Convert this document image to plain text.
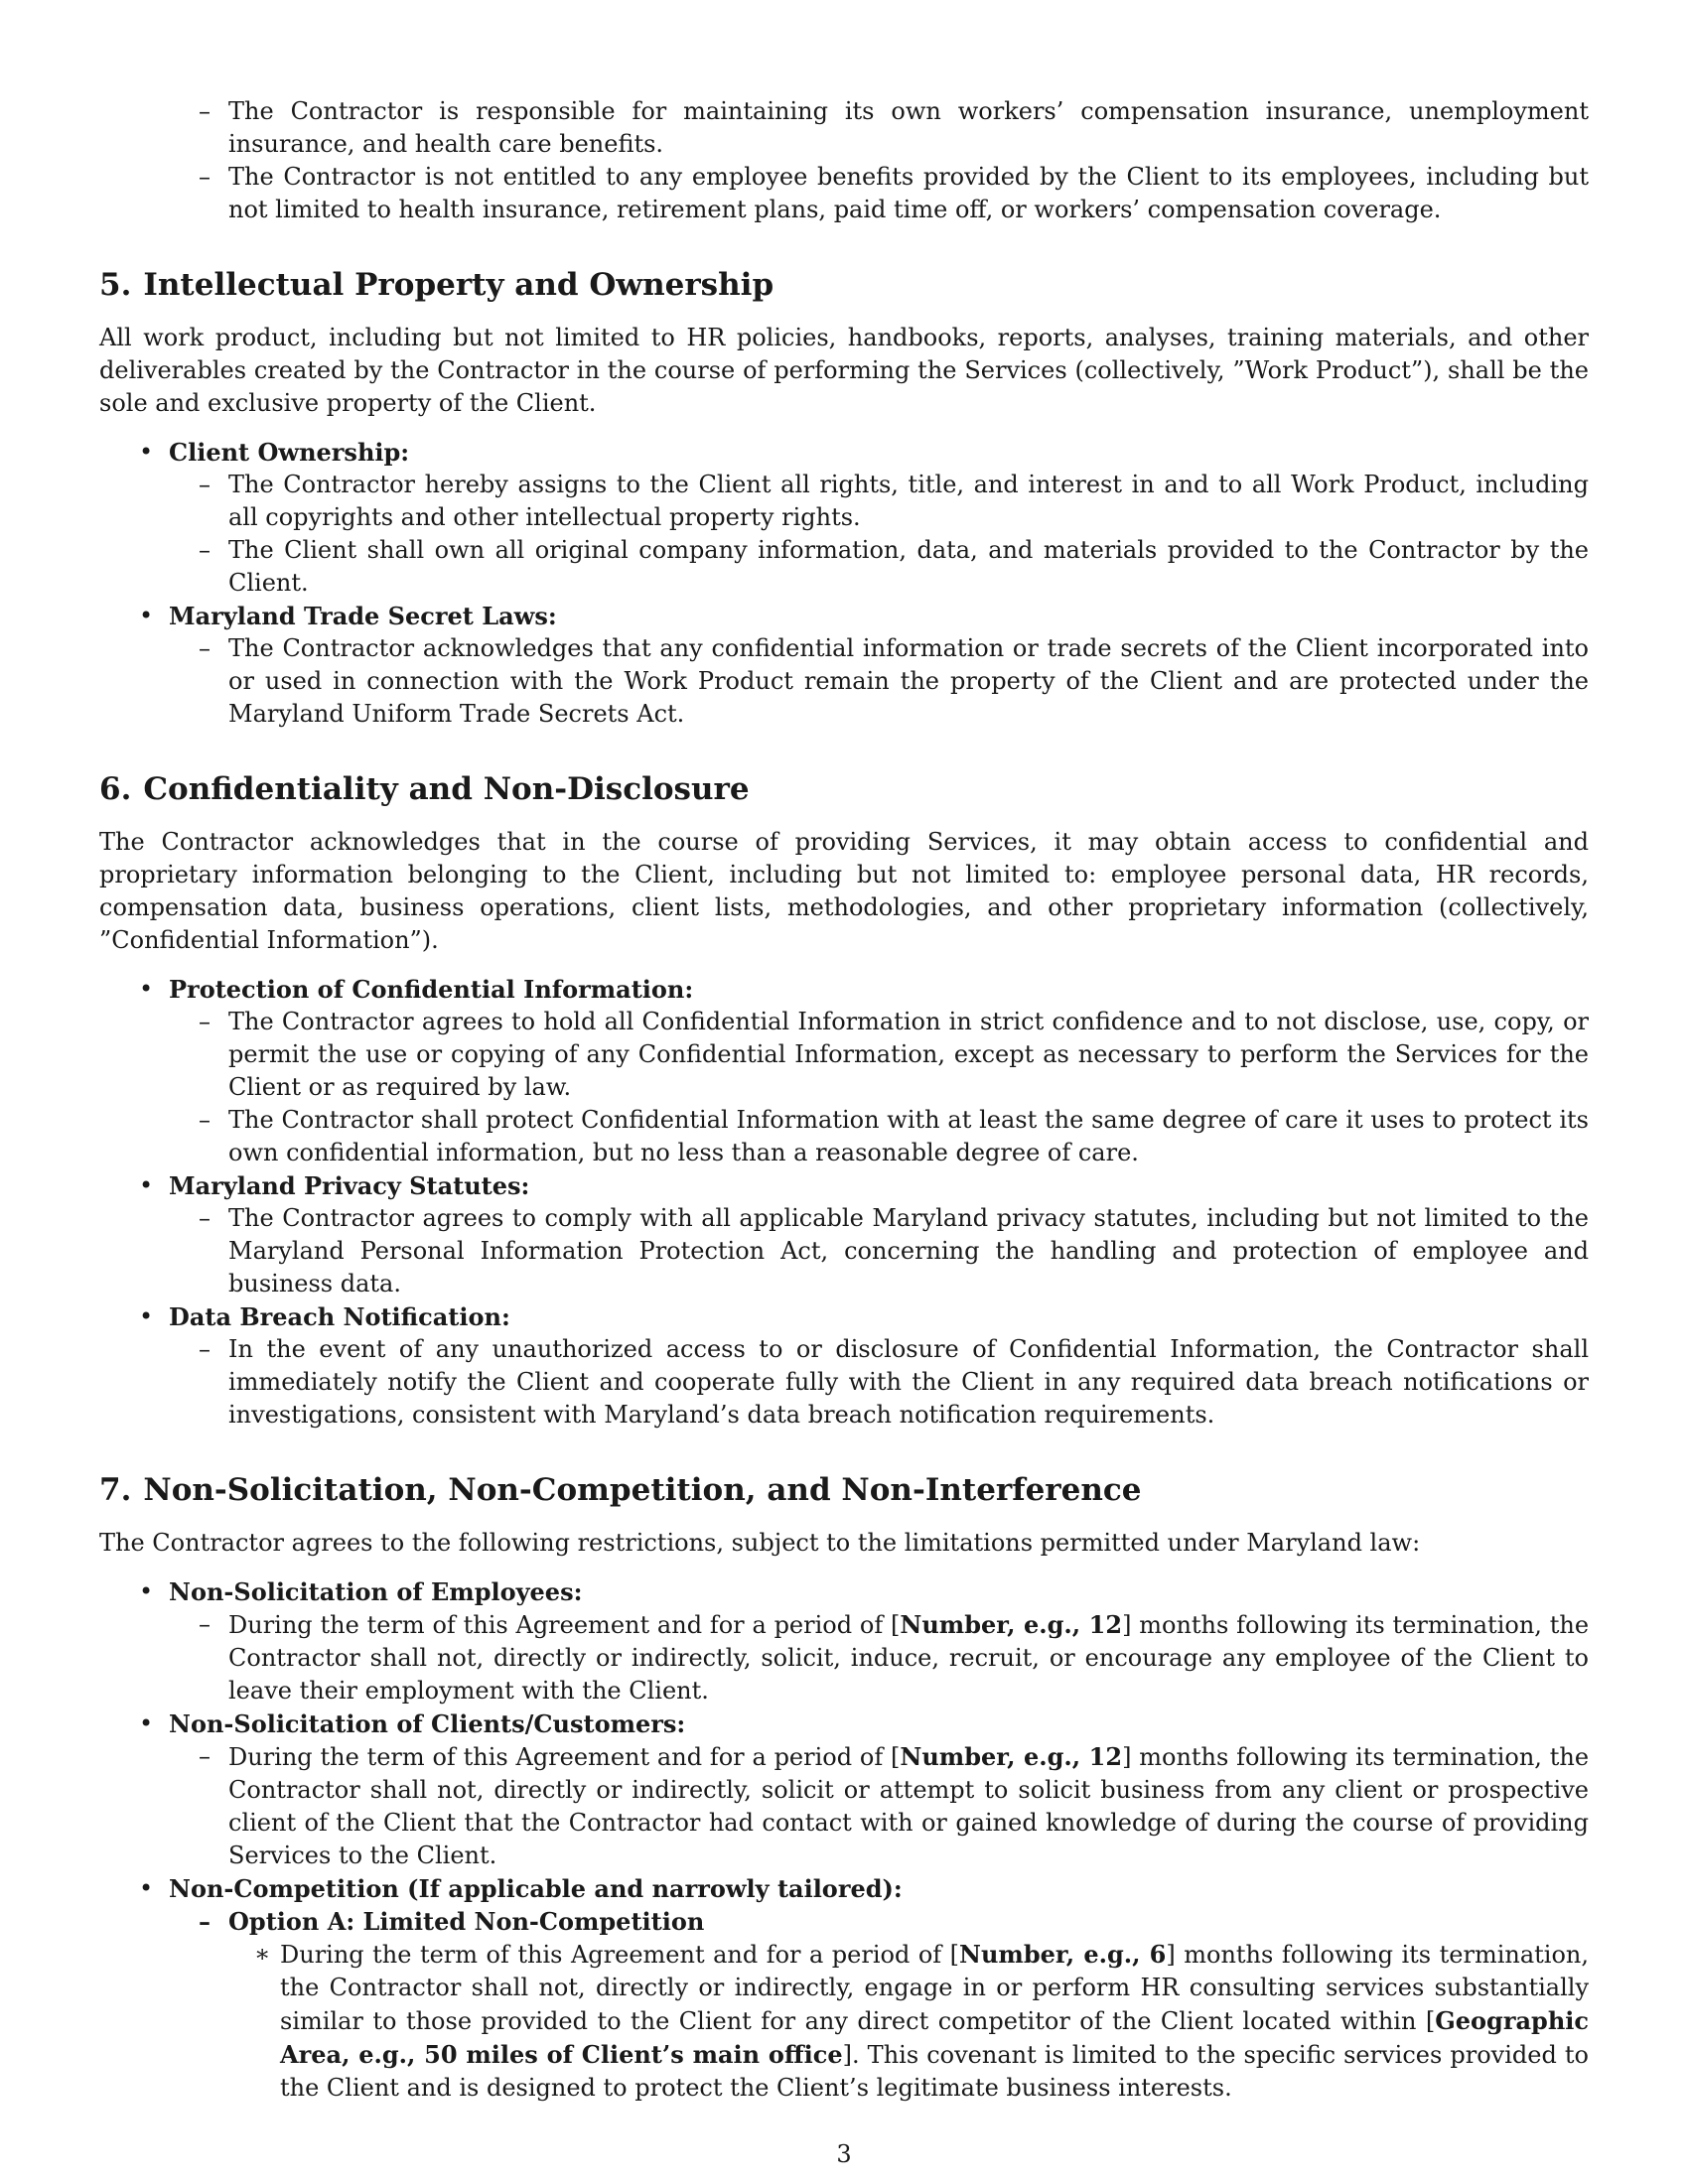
– The Contractor is responsible for maintaining its own workers’ compensation insurance, unemployment insurance, and health care benefits.
– The Contractor is not entitled to any employee benefits provided by the Client to its employees, including but not limited to health insurance, retirement plans, paid time off, or workers’ compensation coverage.
5. Intellectual Property and Ownership

All work product, including but not limited to HR policies, handbooks, reports, analyses, training materials, and other deliverables created by the Contractor in the course of performing the Services (collectively, ”Work Product”), shall be the sole and exclusive property of the Client.

• Client Ownership:
– The Contractor hereby assigns to the Client all rights, title, and interest in and to all Work Product, including all copyrights and other intellectual property rights.
– The Client shall own all original company information, data, and materials provided to the Contractor by the Client.
• Maryland Trade Secret Laws:
– The Contractor acknowledges that any confidential information or trade secrets of the Client incorporated into or used in connection with the Work Product remain the property of the Client and are protected under the Maryland Uniform Trade Secrets Act.
6. Confidentiality and Non-Disclosure

The Contractor acknowledges that in the course of providing Services, it may obtain access to confidential and proprietary information belonging to the Client, including but not limited to: employee personal data, HR records, compensation data, business operations, client lists, methodologies, and other proprietary information (collectively, ”Confidential Information”).

• Protection of Confidential Information:
– The Contractor agrees to hold all Confidential Information in strict confidence and to not disclose, use, copy, or permit the use or copying of any Confidential Information, except as necessary to perform the Services for the Client or as required by law.
– The Contractor shall protect Confidential Information with at least the same degree of care it uses to protect its own confidential information, but no less than a reasonable degree of care.
• Maryland Privacy Statutes:
– The Contractor agrees to comply with all applicable Maryland privacy statutes, including but not limited to the Maryland Personal Information Protection Act, concerning the handling and protection of employee and business data.
• Data Breach Notification:
– In the event of any unauthorized access to or disclosure of Confidential Information, the Contractor shall immediately notify the Client and cooperate fully with the Client in any required data breach notifications or investigations, consistent with Maryland’s data breach notification requirements.
7. Non-Solicitation, Non-Competition, and Non-Interference

The Contractor agrees to the following restrictions, subject to the limitations permitted under Maryland law:

• Non-Solicitation of Employees:
– During the term of this Agreement and for a period of [Number, e.g., 12] months following its termination, the Contractor shall not, directly or indirectly, solicit, induce, recruit, or encourage any employee of the Client to leave their employment with the Client.
• Non-Solicitation of Clients/Customers:
– During the term of this Agreement and for a period of [Number, e.g., 12] months following its termination, the Contractor shall not, directly or indirectly, solicit or attempt to solicit business from any client or prospective client of the Client that the Contractor had contact with or gained knowledge of during the course of providing Services to the Client.
• Non-Competition (If applicable and narrowly tailored):
– Option A: Limited Non-Competition
∗ During the term of this Agreement and for a period of [Number, e.g., 6] months following its termination, the Contractor shall not, directly or indirectly, engage in or perform HR consulting services substantially similar to those provided to the Client for any direct competitor of the Client located within [Geographic Area, e.g., 50 miles of Client’s main office]. This covenant is limited to the specific services provided to the Client and is designed to protect the Client’s legitimate business interests.
3
